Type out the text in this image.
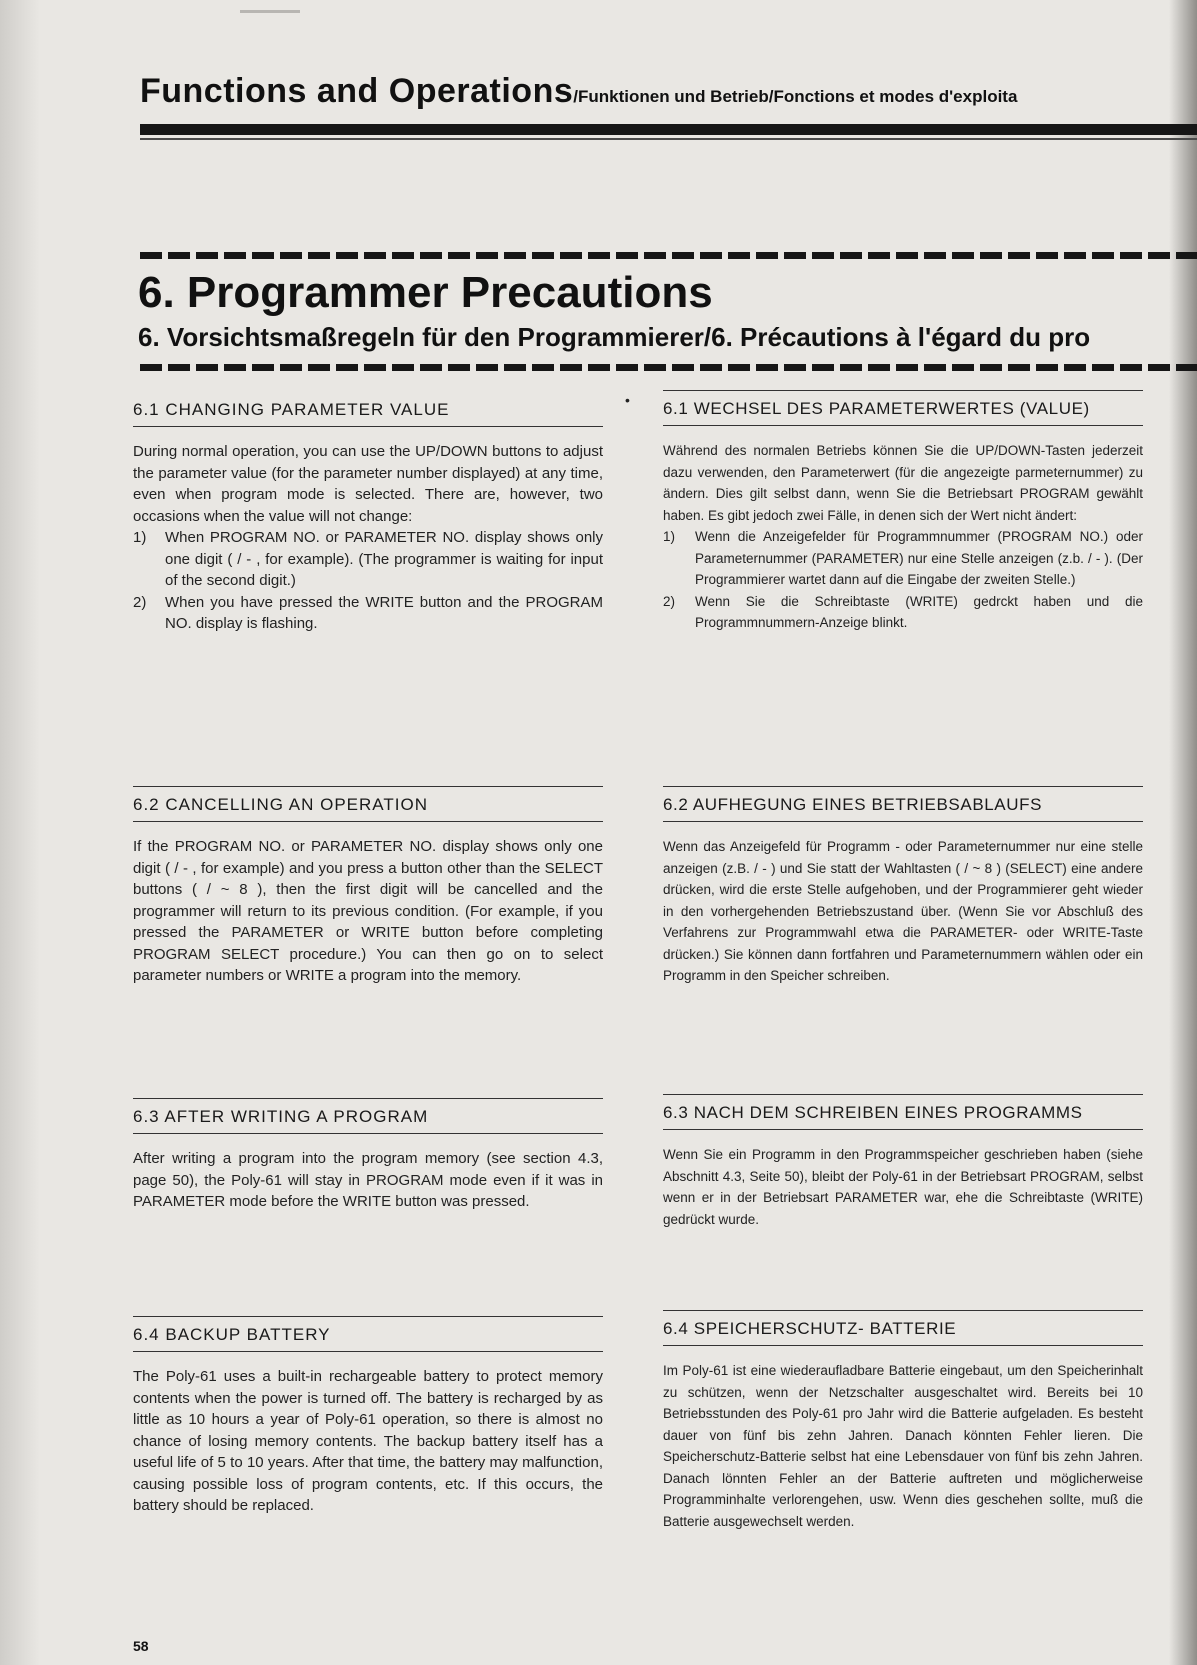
Functions and Operations/Funktionen und Betrieb/Fonctions et modes d'exploita
6. Programmer Precautions
6. Vorsichtsmaßregeln für den Programmierer/6. Précautions à l'égard du pro
•
6.1 CHANGING PARAMETER VALUE
During normal operation, you can use the UP/DOWN buttons to adjust the parameter value (for the parameter number displayed) at any time, even when program mode is selected. There are, however, two occasions when the value will not change:
1) When PROGRAM NO. or PARAMETER NO. display shows only one digit ( / - , for example). (The programmer is waiting for input of the second digit.)
2) When you have pressed the WRITE button and the PROGRAM NO. display is flashing.
6.2 CANCELLING AN OPERATION
If the PROGRAM NO. or PARAMETER NO. display shows only one digit ( / - , for example) and you press a button other than the SELECT buttons ( / ~ 8 ), then the first digit will be cancelled and the programmer will return to its previous condition. (For example, if you pressed the PARAMETER or WRITE button before completing PROGRAM SELECT procedure.) You can then go on to select parameter numbers or WRITE a program into the memory.
6.3 AFTER WRITING A PROGRAM
After writing a program into the program memory (see section 4.3, page 50), the Poly-61 will stay in PROGRAM mode even if it was in PARAMETER mode before the WRITE button was pressed.
6.4 BACKUP BATTERY
The Poly-61 uses a built-in rechargeable battery to protect memory contents when the power is turned off. The battery is recharged by as little as 10 hours a year of Poly-61 operation, so there is almost no chance of losing memory contents. The backup battery itself has a useful life of 5 to 10 years. After that time, the battery may malfunction, causing possible loss of program contents, etc. If this occurs, the battery should be replaced.
6.1 WECHSEL DES PARAMETERWERTES (VALUE)
Während des normalen Betriebs können Sie die UP/DOWN-Tasten jederzeit dazu verwenden, den Parameterwert (für die angezeigte parmeternummer) zu ändern. Dies gilt selbst dann, wenn Sie die Betriebsart PROGRAM gewählt haben. Es gibt jedoch zwei Fälle, in denen sich der Wert nicht ändert:
1) Wenn die Anzeigefelder für Programmnummer (PROGRAM NO.) oder Parameternummer (PARAMETER) nur eine Stelle anzeigen (z.b. / - ). (Der Programmierer wartet dann auf die Eingabe der zweiten Stelle.)
2) Wenn Sie die Schreibtaste (WRITE) gedrckt haben und die Programmnummern-Anzeige blinkt.
6.2 AUFHEGUNG EINES BETRIEBSABLAUFS
Wenn das Anzeigefeld für Programm - oder Parameternummer nur eine stelle anzeigen (z.B. / - ) und Sie statt der Wahltasten ( / ~ 8 ) (SELECT) eine andere drücken, wird die erste Stelle aufgehoben, und der Programmierer geht wieder in den vorhergehenden Betriebszustand über. (Wenn Sie vor Abschluß des Verfahrens zur Programmwahl etwa die PARAMETER- oder WRITE-Taste drücken.) Sie können dann fortfahren und Parameternummern wählen oder ein Programm in den Speicher schreiben.
6.3 NACH DEM SCHREIBEN EINES PROGRAMMS
Wenn Sie ein Programm in den Programmspeicher geschrieben haben (siehe Abschnitt 4.3, Seite 50), bleibt der Poly-61 in der Betriebsart PROGRAM, selbst wenn er in der Betriebsart PARAMETER war, ehe die Schreibtaste (WRITE) gedrückt wurde.
6.4 SPEICHERSCHUTZ- BATTERIE
Im Poly-61 ist eine wiederaufladbare Batterie eingebaut, um den Speicherinhalt zu schützen, wenn der Netzschalter ausgeschaltet wird. Bereits bei 10 Betriebsstunden des Poly-61 pro Jahr wird die Batterie aufgeladen. Es besteht dauer von fünf bis zehn Jahren. Danach könnten Fehler lieren. Die Speicherschutz-Batterie selbst hat eine Lebensdauer von fünf bis zehn Jahren. Danach lönnten Fehler an der Batterie auftreten und möglicherweise Programminhalte verlorengehen, usw. Wenn dies geschehen sollte, muß die Batterie ausgewechselt werden.
58
